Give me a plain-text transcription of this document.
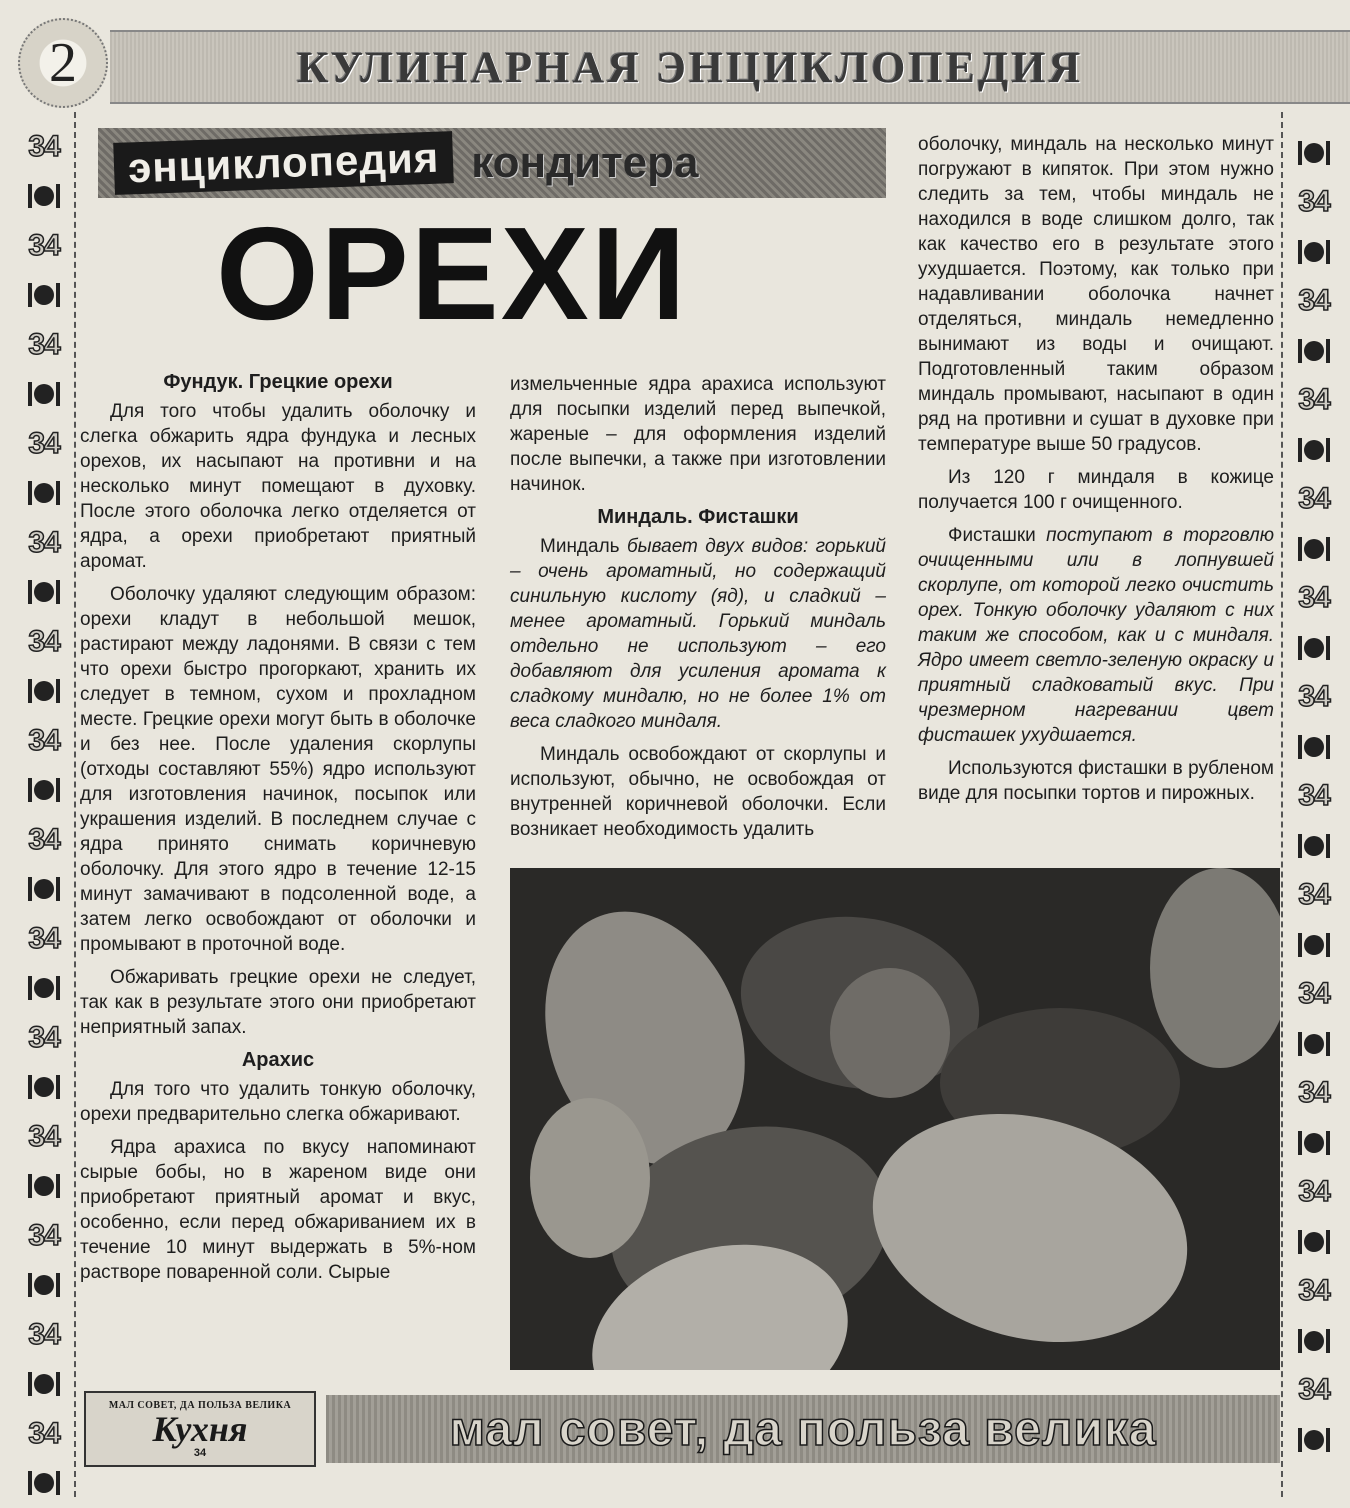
2	КУЛИНАРНАЯ ЭНЦИКЛОПЕДИЯ
34
34
34
34
34
34
34
34
34
34
34
34
34
34
34
34
34
34
34
34
34
34
34
34
34
34
34
энциклопедия кондитера
ОРЕХИ
Фундук. Грецкие орехи

Для того чтобы удалить оболочку и слегка обжарить ядра фундука и лесных орехов, их насыпают на противни и на несколько минут помещают в духовку. После этого оболочка легко отделяется от ядра, а орехи приобретают приятный аромат.

Оболочку удаляют следующим образом: орехи кладут в небольшой мешок, растирают между ладонями. В связи с тем что орехи быстро прогоркают, хранить их следует в темном, сухом и прохладном месте. Грецкие орехи могут быть в оболочке и без нее. После удаления скорлупы (отходы составляют 55%) ядро используют для изготовления начинок, посыпок или украшения изделий. В последнем случае с ядра принято снимать коричневую оболочку. Для этого ядро в течение 12-15 минут замачивают в подсоленной воде, а затем легко освобождают от оболочки и промывают в проточной воде.

Обжаривать грецкие орехи не следует, так как в результате этого они приобретают неприятный запах.

Арахис

Для того что удалить тонкую оболочку, орехи предварительно слегка обжаривают.

Ядра арахиса по вкусу напоминают сырые бобы, но в жареном виде они приобретают приятный аромат и вкус, особенно, если перед обжариванием их в течение 10 минут выдержать в 5%-ном растворе поваренной соли. Сырые

измельченные ядра арахиса используют для посыпки изделий перед выпечкой, жареные – для оформления изделий после выпечки, а также при изготовлении начинок.

Миндаль. Фисташки

Миндаль бывает двух видов: горький – очень ароматный, но содержащий синильную кислоту (яд), и сладкий – менее ароматный. Горький миндаль отдельно не используют – его добавляют для усиления аромата к сладкому миндалю, но не более 1% от веса сладкого миндаля.

Миндаль освобождают от скорлупы и используют, обычно, не освобождая от внутренней коричневой оболочки. Если возникает необходимость удалить

оболочку, миндаль на несколько минут погружают в кипяток. При этом нужно следить за тем, чтобы миндаль не находился в воде слишком долго, так как качество его в результате этого ухудшается. Поэтому, как только при надавливании оболочка начнет отделяться, миндаль немедленно вынимают из воды и очищают. Подготовленный таким образом миндаль промывают, насыпают в один ряд на противни и сушат в духовке при температуре выше 50 градусов.

Из 120 г миндаля в кожице получается 100 г очищенного.

Фисташки поступают в торговлю очищенными или в лопнувшей скорлупе, от которой легко очистить орех. Тонкую оболочку удаляют с них таким же способом, как и с миндаля. Ядро имеет светло-зеленую окраску и приятный сладковатый вкус. При чрезмерном нагревании цвет фисташек ухудшается.

Используются фисташки в рубленом виде для посыпки тортов и пирожных.

МАЛ СОВЕТ, ДА ПОЛЬЗА ВЕЛИКА
Кухня
34	мал совет, да польза велика
